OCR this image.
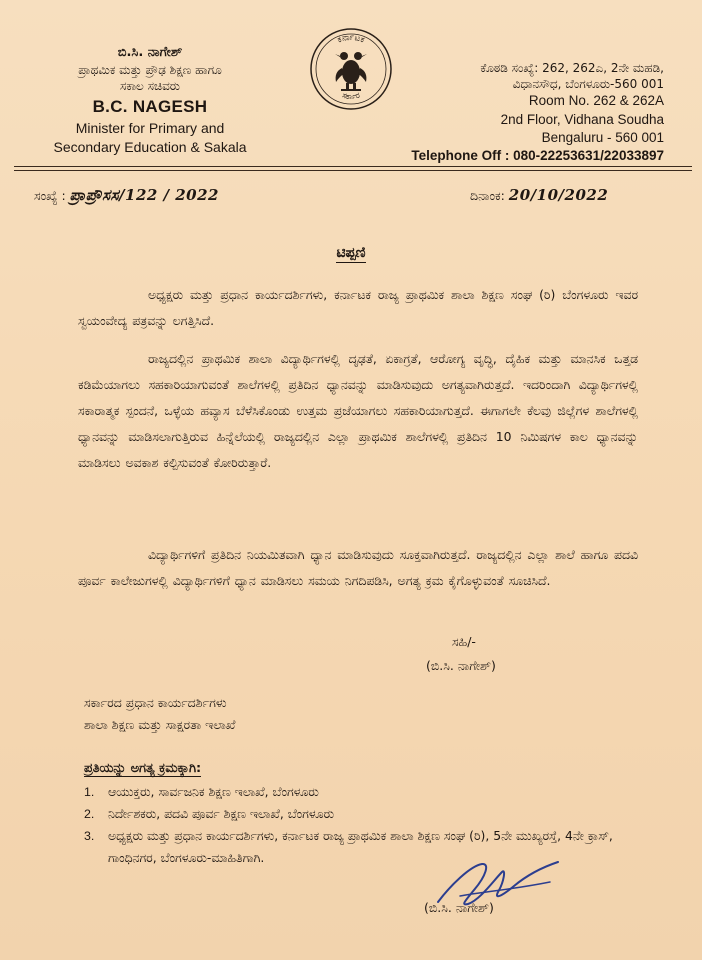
ಬಿ.ಸಿ. ನಾಗೇಶ್
ಪ್ರಾಥಮಿಕ ಮತ್ತು ಪ್ರೌಢ ಶಿಕ್ಷಣ ಹಾಗೂ
ಸಕಾಲ ಸಚಿವರು
B.C. NAGESH
Minister for Primary and
Secondary Education & Sakala
ಕರ್ನಾಟಕ
ಸರ್ಕಾರ
ಕೊಠಡಿ ಸಂಖ್ಯೆ: 262, 262ಎ, 2ನೇ ಮಹಡಿ,
ವಿಧಾನಸೌಧ, ಬೆಂಗಳೂರು-560 001
Room No. 262 & 262A
2nd Floor, Vidhana Soudha
Bengaluru - 560 001
Telephone Off : 080-22253631/22033897
ಸಂಖ್ಯೆ : ಪ್ರಾಪ್ರೌಸಸ/122 / 2022	ದಿನಾಂಕ: 20/10/2022
ಟಿಪ್ಪಣಿ
ಅಧ್ಯಕ್ಷರು ಮತ್ತು ಪ್ರಧಾನ ಕಾರ್ಯದರ್ಶಿಗಳು, ಕರ್ನಾಟಕ ರಾಜ್ಯ ಪ್ರಾಥಮಿಕ ಶಾಲಾ ಶಿಕ್ಷಣ ಸಂಘ (ರಿ) ಬೆಂಗಳೂರು ಇವರ ಸ್ವಯಂವೇದ್ಯ ಪತ್ರವನ್ನು ಲಗತ್ತಿಸಿದೆ.
ರಾಜ್ಯದಲ್ಲಿನ ಪ್ರಾಥಮಿಕ ಶಾಲಾ ವಿದ್ಯಾರ್ಥಿಗಳಲ್ಲಿ ದೃಢತೆ, ಏಕಾಗ್ರತೆ, ಆರೋಗ್ಯ ವೃದ್ಧಿ, ದೈಹಿಕ ಮತ್ತು ಮಾನಸಿಕ ಒತ್ತಡ ಕಡಿಮೆಯಾಗಲು ಸಹಕಾರಿಯಾಗುವಂತೆ ಶಾಲೆಗಳಲ್ಲಿ ಪ್ರತಿದಿನ ಧ್ಯಾನವನ್ನು ಮಾಡಿಸುವುದು ಅಗತ್ಯವಾಗಿರುತ್ತದೆ. ಇದರಿಂದಾಗಿ ವಿದ್ಯಾರ್ಥಿಗಳಲ್ಲಿ ಸಕಾರಾತ್ಮಕ ಸ್ಪಂದನೆ, ಒಳ್ಳೆಯ ಹವ್ಯಾಸ ಬೆಳೆಸಿಕೊಂಡು ಉತ್ತಮ ಪ್ರಜೆಯಾಗಲು ಸಹಕಾರಿಯಾಗುತ್ತದೆ. ಈಗಾಗಲೇ ಕೆಲವು ಜಿಲ್ಲೆಗಳ ಶಾಲೆಗಳಲ್ಲಿ ಧ್ಯಾನವನ್ನು ಮಾಡಿಸಲಾಗುತ್ತಿರುವ ಹಿನ್ನೆಲೆಯಲ್ಲಿ ರಾಜ್ಯದಲ್ಲಿನ ಎಲ್ಲಾ ಪ್ರಾಥಮಿಕ ಶಾಲೆಗಳಲ್ಲಿ ಪ್ರತಿದಿನ 10 ನಿಮಿಷಗಳ ಕಾಲ ಧ್ಯಾನವನ್ನು ಮಾಡಿಸಲು ಅವಕಾಶ ಕಲ್ಪಿಸುವಂತೆ ಕೋರಿರುತ್ತಾರೆ.
ವಿದ್ಯಾರ್ಥಿಗಳಿಗೆ ಪ್ರತಿದಿನ ನಿಯಮಿತವಾಗಿ ಧ್ಯಾನ ಮಾಡಿಸುವುದು ಸೂಕ್ತವಾಗಿರುತ್ತದೆ. ರಾಜ್ಯದಲ್ಲಿನ ಎಲ್ಲಾ ಶಾಲೆ ಹಾಗೂ ಪದವಿ ಪೂರ್ವ ಕಾಲೇಜುಗಳಲ್ಲಿ ವಿದ್ಯಾರ್ಥಿಗಳಿಗೆ ಧ್ಯಾನ ಮಾಡಿಸಲು ಸಮಯ ನಿಗದಿಪಡಿಸಿ, ಅಗತ್ಯ ಕ್ರಮ ಕೈಗೊಳ್ಳುವಂತೆ ಸೂಚಿಸಿದೆ.
ಸಹಿ/-
(ಬಿ.ಸಿ. ನಾಗೇಶ್)
ಸರ್ಕಾರದ ಪ್ರಧಾನ ಕಾರ್ಯದರ್ಶಿಗಳು
ಶಾಲಾ ಶಿಕ್ಷಣ ಮತ್ತು ಸಾಕ್ಷರತಾ ಇಲಾಖೆ
ಪ್ರತಿಯನ್ನು ಅಗತ್ಯ ಕ್ರಮಕ್ಕಾಗಿ:
1.	ಆಯುಕ್ತರು, ಸಾರ್ವಜನಿಕ ಶಿಕ್ಷಣ ಇಲಾಖೆ, ಬೆಂಗಳೂರು
2.	ನಿರ್ದೇಶಕರು, ಪದವಿ ಪೂರ್ವ ಶಿಕ್ಷಣ ಇಲಾಖೆ, ಬೆಂಗಳೂರು
3.	ಅಧ್ಯಕ್ಷರು ಮತ್ತು ಪ್ರಧಾನ ಕಾರ್ಯದರ್ಶಿಗಳು, ಕರ್ನಾಟಕ ರಾಜ್ಯ ಪ್ರಾಥಮಿಕ ಶಾಲಾ ಶಿಕ್ಷಣ ಸಂಘ (ರಿ), 5ನೇ ಮುಖ್ಯರಸ್ತೆ, 4ನೇ ಕ್ರಾಸ್, ಗಾಂಧಿನಗರ, ಬೆಂಗಳೂರು-ಮಾಹಿತಿಗಾಗಿ.
(ಬಿ.ಸಿ. ನಾಗೇಶ್)
